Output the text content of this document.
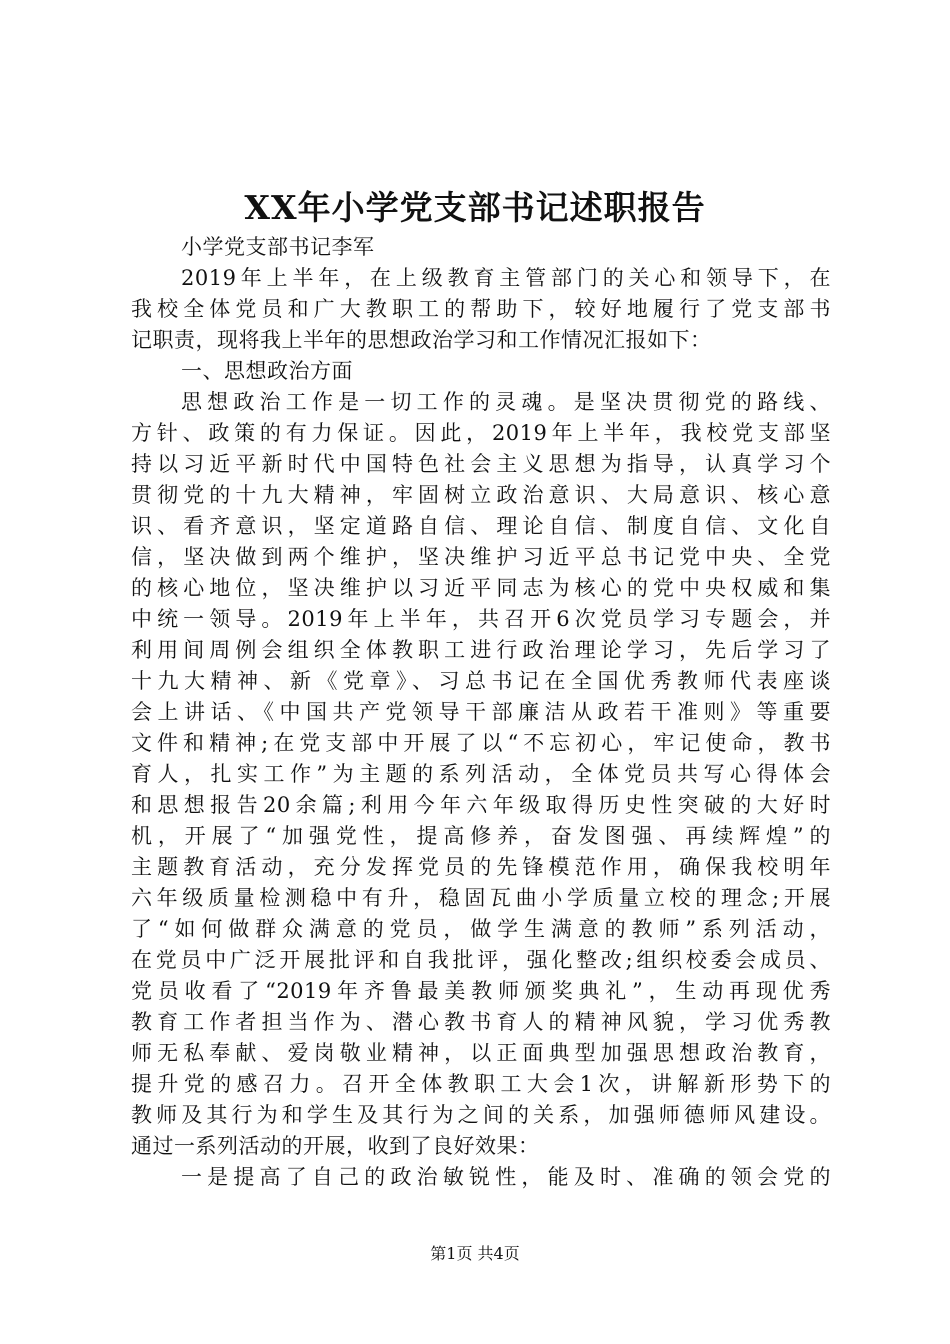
XX年小学党支部书记述职报告
小学党支部书记李军
2019年上半年，在上级教育主管部门的关心和领导下，在
我校全体党员和广大教职工的帮助下，较好地履行了党支部书
记职责，现将我上半年的思想政治学习和工作情况汇报如下：
一、思想政治方面
思想政治工作是一切工作的灵魂。是坚决贯彻党的路线、
方针、政策的有力保证。因此，2019年上半年，我校党支部坚
持以习近平新时代中国特色社会主义思想为指导，认真学习个
贯彻党的十九大精神，牢固树立政治意识、大局意识、核心意
识、看齐意识，坚定道路自信、理论自信、制度自信、文化自
信，坚决做到两个维护，坚决维护习近平总书记党中央、全党
的核心地位，坚决维护以习近平同志为核心的党中央权威和集
中统一领导。2019年上半年，共召开6次党员学习专题会，并
利用间周例会组织全体教职工进行政治理论学习，先后学习了
十九大精神、新《党章》、习总书记在全国优秀教师代表座谈
会上讲话、《中国共产党领导干部廉洁从政若干准则》等重要
文件和精神;在党支部中开展了以“不忘初心，牢记使命，教书
育人，扎实工作”为主题的系列活动，全体党员共写心得体会
和思想报告20余篇;利用今年六年级取得历史性突破的大好时
机，开展了“加强党性，提高修养，奋发图强、再续辉煌”的
主题教育活动，充分发挥党员的先锋模范作用，确保我校明年
六年级质量检测稳中有升，稳固瓦曲小学质量立校的理念;开展
了“如何做群众满意的党员，做学生满意的教师”系列活动，
在党员中广泛开展批评和自我批评，强化整改;组织校委会成员、
党员收看了“2019年齐鲁最美教师颁奖典礼”，生动再现优秀
教育工作者担当作为、潜心教书育人的精神风貌，学习优秀教
师无私奉献、爱岗敬业精神，以正面典型加强思想政治教育，
提升党的感召力。召开全体教职工大会1次，讲解新形势下的
教师及其行为和学生及其行为之间的关系，加强师德师风建设。
通过一系列活动的开展，收到了良好效果：
一是提高了自己的政治敏锐性，能及时、准确的领会党的
第1页 共4页
